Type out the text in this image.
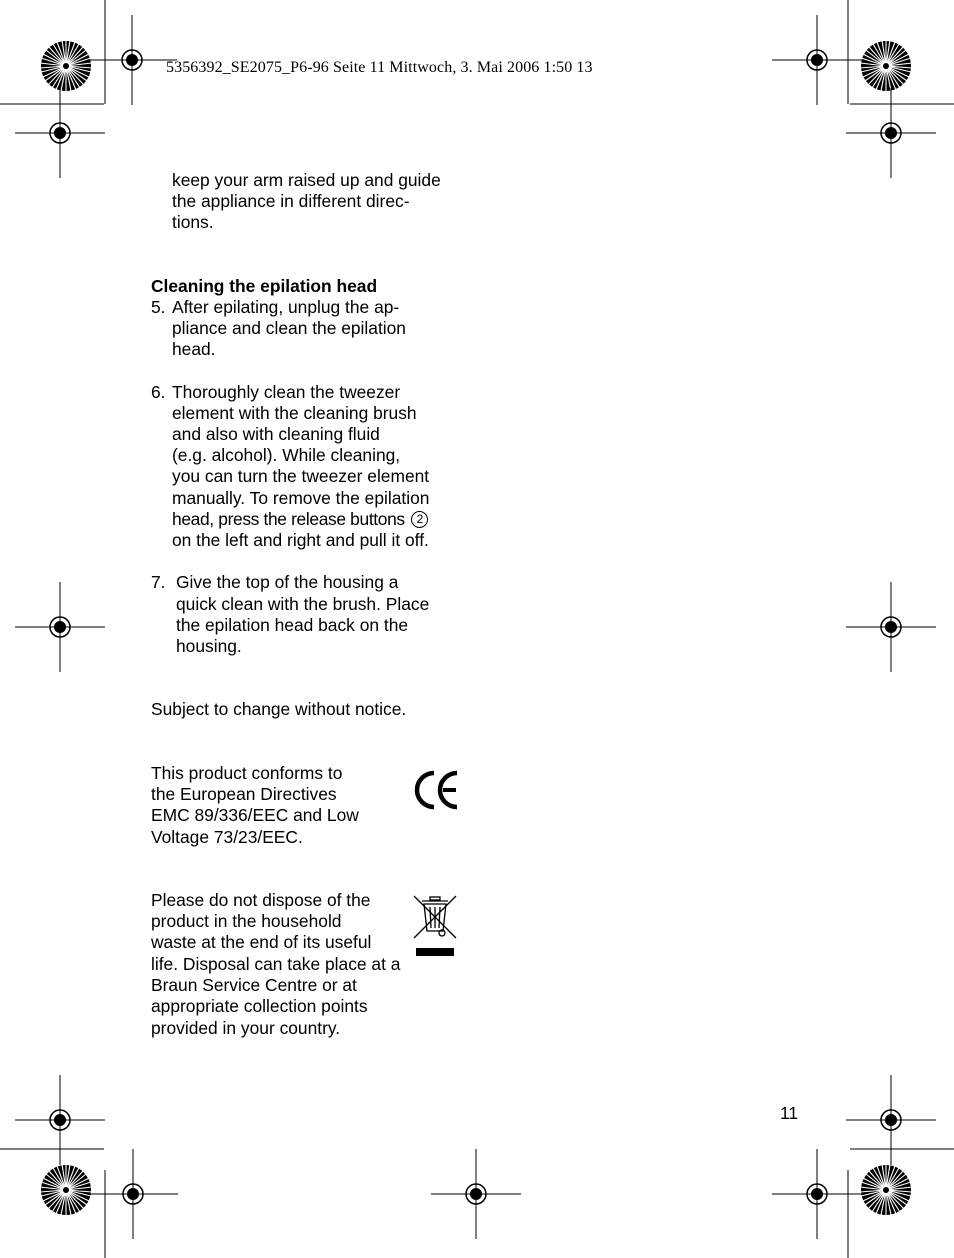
5356392_SE2075_P6-96 Seite 11 Mittwoch, 3. Mai 2006 1:50 13
keep your arm raised up and guide
the appliance in different direc-
tions.
Cleaning the epilation head
5. After epilating, unplug the ap-
pliance and clean the epilation
head.
6. Thoroughly clean the tweezer
element with the cleaning brush
and also with cleaning fluid
(e.g. alcohol). While cleaning,
you can turn the tweezer element
manually. To remove the epilation
head, press the release buttons 2
on the left and right and pull it off.
7. Give the top of the housing a
quick clean with the brush. Place
the epilation head back on the
housing.
Subject to change without notice.
This product conforms to
the European Directives
EMC 89/336/EEC and Low
Voltage 73/23/EEC.
Please do not dispose of the
product in the household
waste at the end of its useful
life. Disposal can take place at a
Braun Service Centre or at
appropriate collection points
provided in your country.
11
